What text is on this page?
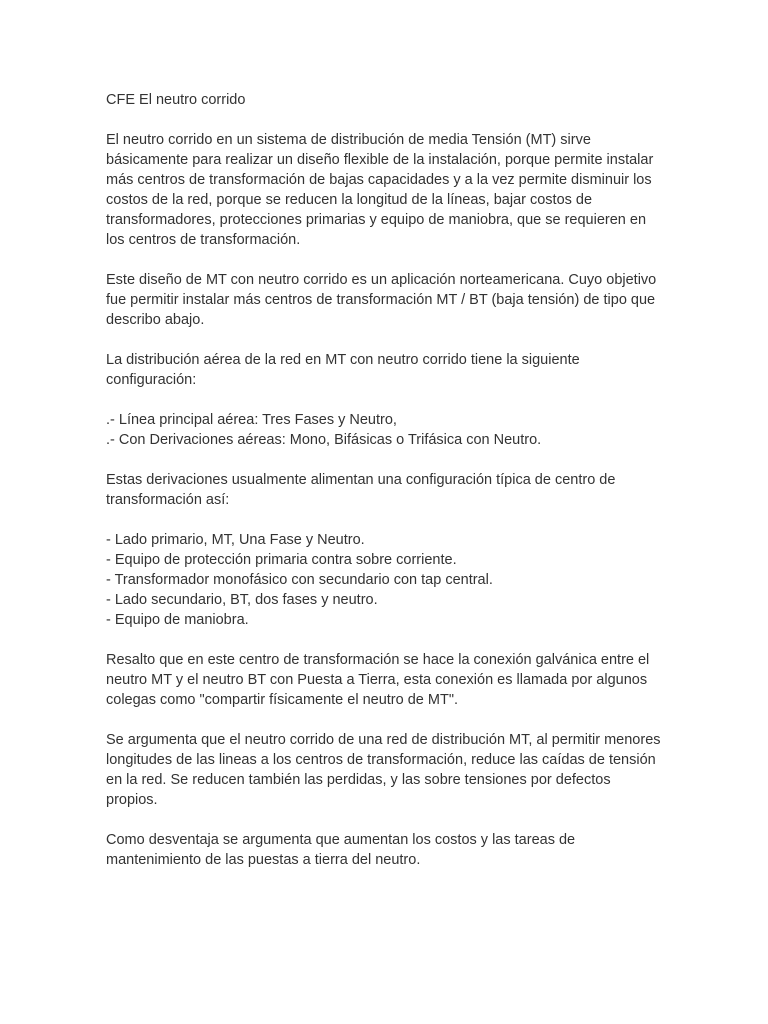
CFE El neutro corrido
El neutro corrido en un sistema de distribución de media Tensión (MT) sirve
básicamente para realizar un diseño flexible de la instalación, porque permite instalar
más centros de transformación de bajas capacidades y a la vez permite disminuir los
costos de la red, porque se reducen la longitud de la líneas, bajar costos de
transformadores, protecciones primarias y equipo de maniobra, que se requieren en
los centros de transformación.
Este diseño de MT con neutro corrido es un aplicación norteamericana. Cuyo objetivo
fue permitir instalar más centros de transformación MT / BT (baja tensión) de tipo que
describo abajo.
La distribución aérea de la red en MT con neutro corrido tiene la siguiente
configuración:
.- Línea principal aérea: Tres Fases y Neutro,
.- Con Derivaciones aéreas: Mono, Bifásicas o Trifásica con Neutro.
Estas derivaciones usualmente alimentan una configuración típica de centro de
transformación así:
- Lado primario, MT, Una Fase y Neutro.
- Equipo de protección primaria contra sobre corriente.
- Transformador monofásico con secundario con tap central.
- Lado secundario, BT, dos fases y neutro.
- Equipo de maniobra.
Resalto que en este centro de transformación se hace la conexión galvánica entre el
neutro MT y el neutro BT con Puesta a Tierra, esta conexión es llamada por algunos
colegas como "compartir físicamente el neutro de MT".
Se argumenta que el neutro corrido de una red de distribución MT, al permitir menores
longitudes de las lineas a los centros de transformación, reduce las caídas de tensión
en la red. Se reducen también las perdidas, y las sobre tensiones por defectos
propios.
Como desventaja se argumenta que aumentan los costos y las tareas de
mantenimiento de las puestas a tierra del neutro.
